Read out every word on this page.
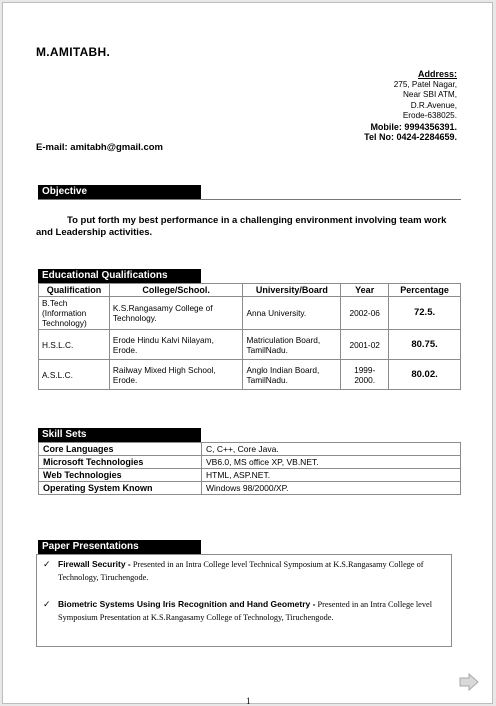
M.AMITABH.
Address:
275, Patel Nagar,
Near SBI ATM,
D.R.Avenue,
Erode-638025.
Mobile: 9994356391.
Tel No: 0424-2284659.
E-mail: amitabh@gmail.com
Objective
To put forth my best performance in a challenging environment involving team work and Leadership activities.
Educational Qualifications
Qualification	College/School.	University/Board	Year	Percentage
B.Tech (Information Technology)	K.S.Rangasamy College of Technology.	Anna University.	2002-06	72.5.
H.S.L.C.	Erode Hindu Kalvi Nilayam, Erode.	Matriculation Board, TamilNadu.	2001-02	80.75.
A.S.L.C.	Railway Mixed High School, Erode.	Anglo Indian Board, TamilNadu.	1999-2000.	80.02.
Skill Sets
Core Languages	C, C++, Core Java.
Microsoft Technologies	VB6.0, MS office XP, VB.NET.
Web Technologies	HTML, ASP.NET.
Operating System Known	Windows 98/2000/XP.
Paper Presentations
✓ Firewall Security - Presented in an Intra College level Technical Symposium at K.S.Rangasamy College of Technology, Tiruchengode.
✓ Biometric Systems Using Iris Recognition and Hand Geometry - Presented in an Intra College level Symposium Presentation at K.S.Rangasamy College of Technology, Tiruchengode.
1
